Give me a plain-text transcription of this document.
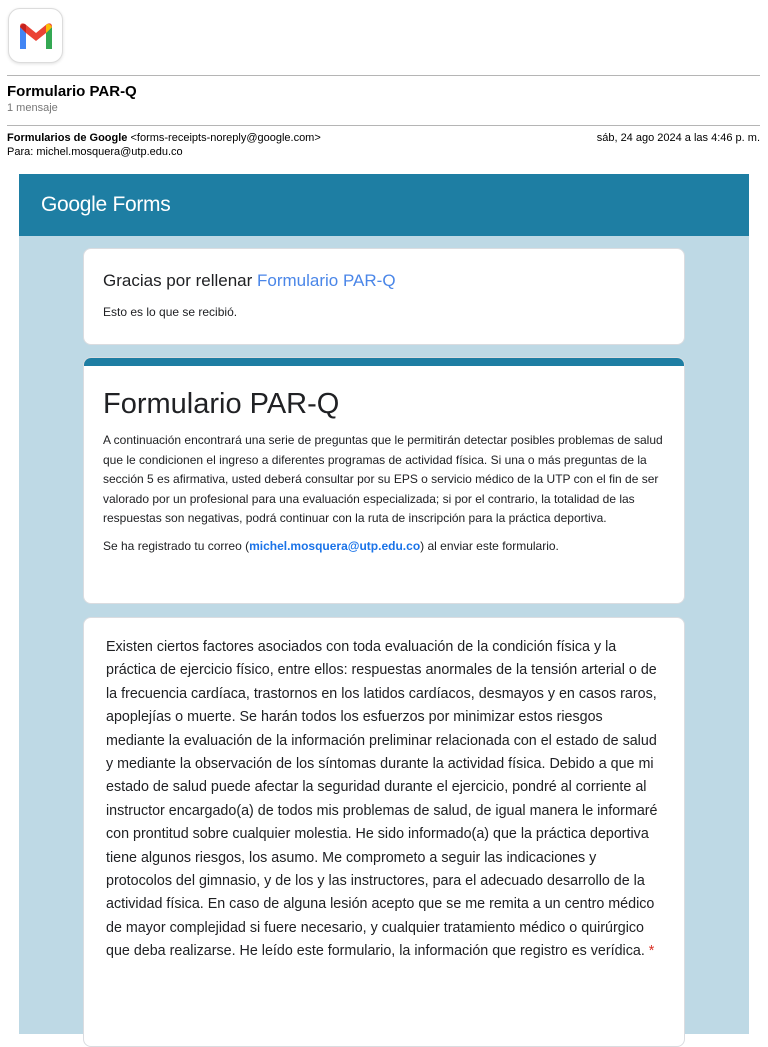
Formulario PAR-Q
1 mensaje
Formularios de Google <forms-receipts-noreply@google.com>
Para: michel.mosquera@utp.edu.co
sáb, 24 ago 2024 a las 4:46 p. m.
Google Forms
Gracias por rellenar Formulario PAR-Q
Esto es lo que se recibió.
Formulario PAR-Q
A continuación encontrará una serie de preguntas que le permitirán detectar posibles problemas de salud que le condicionen el ingreso a diferentes programas de actividad física. Si una o más preguntas de la sección 5 es afirmativa, usted deberá consultar por su EPS o servicio médico de la UTP con el fin de ser valorado por un profesional para una evaluación especializada; si por el contrario, la totalidad de las respuestas son negativas, podrá continuar con la ruta de inscripción para la práctica deportiva.
Se ha registrado tu correo (michel.mosquera@utp.edu.co) al enviar este formulario.
Existen ciertos factores asociados con toda evaluación de la condición física y la práctica de ejercicio físico, entre ellos: respuestas anormales de la tensión arterial o de la frecuencia cardíaca, trastornos en los latidos cardíacos, desmayos y en casos raros, apoplejías o muerte. Se harán todos los esfuerzos por minimizar estos riesgos mediante la evaluación de la información preliminar relacionada con el estado de salud y mediante la observación de los síntomas durante la actividad física. Debido a que mi estado de salud puede afectar la seguridad durante el ejercicio, pondré al corriente al instructor encargado(a) de todos mis problemas de salud, de igual manera le informaré con prontitud sobre cualquier molestia. He sido informado(a) que la práctica deportiva tiene algunos riesgos, los asumo. Me comprometo a seguir las indicaciones y protocolos del gimnasio, y de los y las instructores, para el adecuado desarrollo de la actividad física. En caso de alguna lesión acepto que se me remita a un centro médico de mayor complejidad si fuere necesario, y cualquier tratamiento médico o quirúrgico que deba realizarse. He leído este formulario, la información que registro es verídica. *
